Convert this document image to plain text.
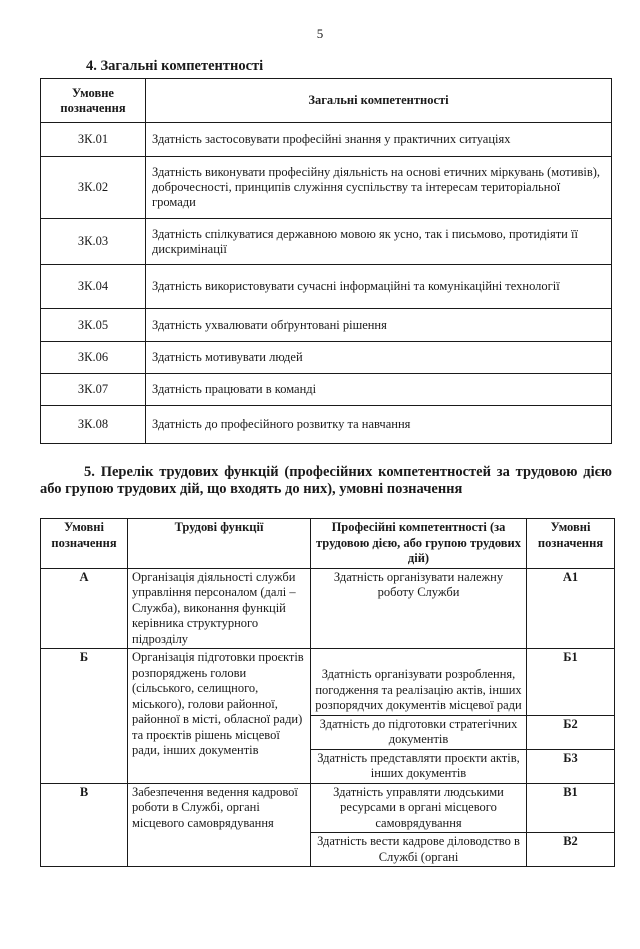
5
4. Загальні компетентності
Умовне позначення	Загальні компетентності
ЗК.01	Здатність застосовувати професійні знання у практичних ситуаціях
ЗК.02	Здатність виконувати професійну діяльність на основі етичних міркувань (мотивів), доброчесності, принципів служіння суспільству та інтересам територіальної громади
ЗК.03	Здатність спілкуватися державною мовою як усно, так і письмово, протидіяти її дискримінації
ЗК.04	Здатність використовувати сучасні інформаційні та комунікаційні технології
ЗК.05	Здатність ухвалювати обґрунтовані рішення
ЗК.06	Здатність мотивувати людей
ЗК.07	Здатність працювати в команді
ЗК.08	Здатність до професійного розвитку та навчання
5. Перелік трудових функцій (професійних компетентностей за трудовою дією або групою трудових дій, що входять до них), умовні позначення
Умовні позначення	Трудові функції	Професійні компетентності (за трудовою дією, або групою трудових дій)	Умовні позначення
А	Організація діяльності служби управління персоналом (далі – Служба), виконання функцій керівника структурного підрозділу	Здатність організувати належну роботу Служби	А1
Б	Організація підготовки проєктів розпоряджень голови (сільського, селищного, міського), голови районної, районної в місті, обласної ради) та проєктів рішень місцевої ради, інших документів	Здатність організувати розроблення, погодження та реалізацію актів, інших розпорядчих документів місцевої ради	Б1
		Здатність до підготовки стратегічних документів	Б2
		Здатність представляти проєкти актів, інших документів	Б3
В	Забезпечення ведення кадрової роботи в Службі, органі місцевого самоврядування	Здатність управляти людськими ресурсами в органі місцевого самоврядування	В1
		Здатність вести кадрове діловодство в Службі (органі	В2
